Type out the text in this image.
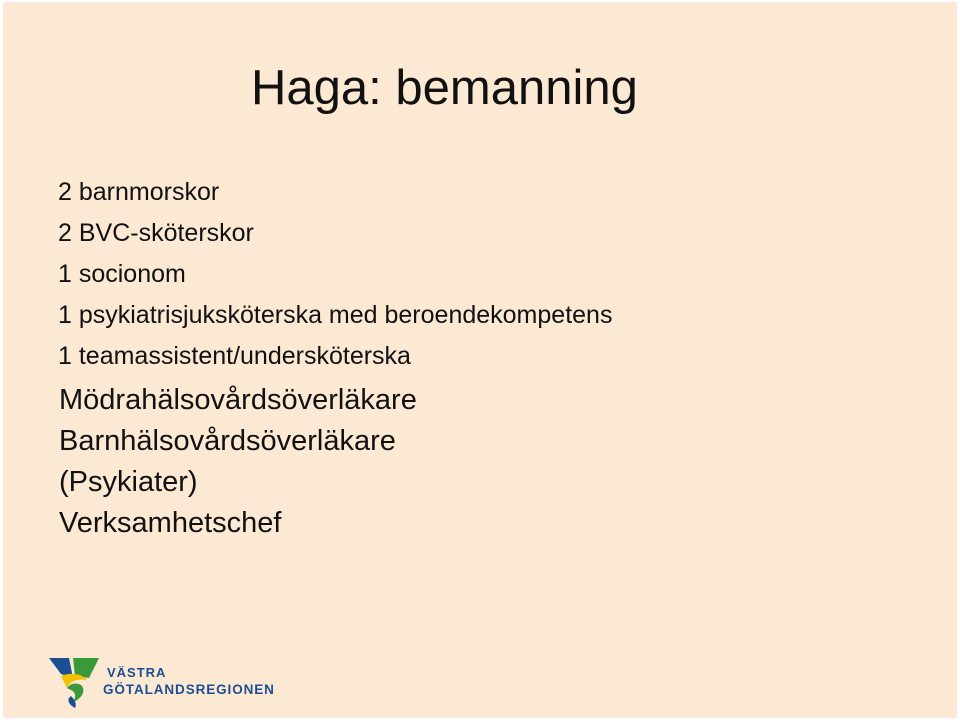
Haga: bemanning
2 barnmorskor
2 BVC-sköterskor
1 socionom
1 psykiatrisjuksköterska med beroendekompetens
1 teamassistent/undersköterska
Mödrahälsovårdsöverläkare
Barnhälsovårdsöverläkare
(Psykiater)
Verksamhetschef
VÄSTRA
GÖTALANDSREGIONEN
